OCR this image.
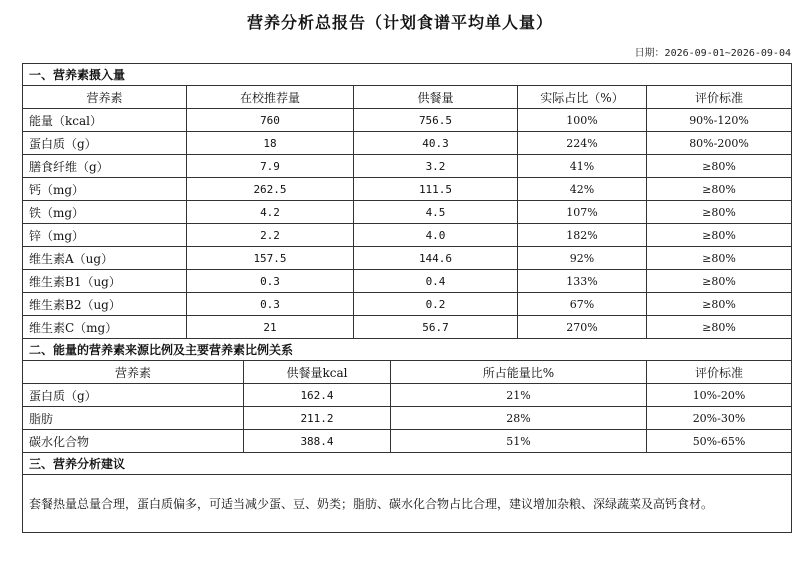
营养分析总报告（计划食谱平均单人量）
日期：2026-09-01~2026-09-04
一、营养素摄入量						
营养素	在校推荐量		供餐量		实际占比（%）	评价标准
能量（kcal）	760		756.5		100%	90%-120%
蛋白质（g）	18		40.3		224%	80%-200%
膳食纤维（g）	7.9		3.2		41%	≥80%
钙（mg）	262.5		111.5		42%	≥80%
铁（mg）	4.2		4.5		107%	≥80%
锌（mg）	2.2		4.0		182%	≥80%
维生素A（ug）	157.5		144.6		92%	≥80%
维生素B1（ug）	0.3		0.4		133%	≥80%
维生素B2（ug）	0.3		0.2		67%	≥80%
维生素C（mg）	21		56.7		270%	≥80%
二、能量的营养素来源比例及主要营养素比例关系						
营养素		供餐量kcal		所占能量比%		评价标准
蛋白质（g）		162.4		21%		10%-20%
脂肪		211.2		28%		20%-30%
碳水化合物		388.4		51%		50%-65%
三、营养分析建议						
套餐热量总量合理，蛋白质偏多，可适当减少蛋、豆、奶类；脂肪、碳水化合物占比合理，建议增加杂粮、深绿蔬菜及高钙食材。						
